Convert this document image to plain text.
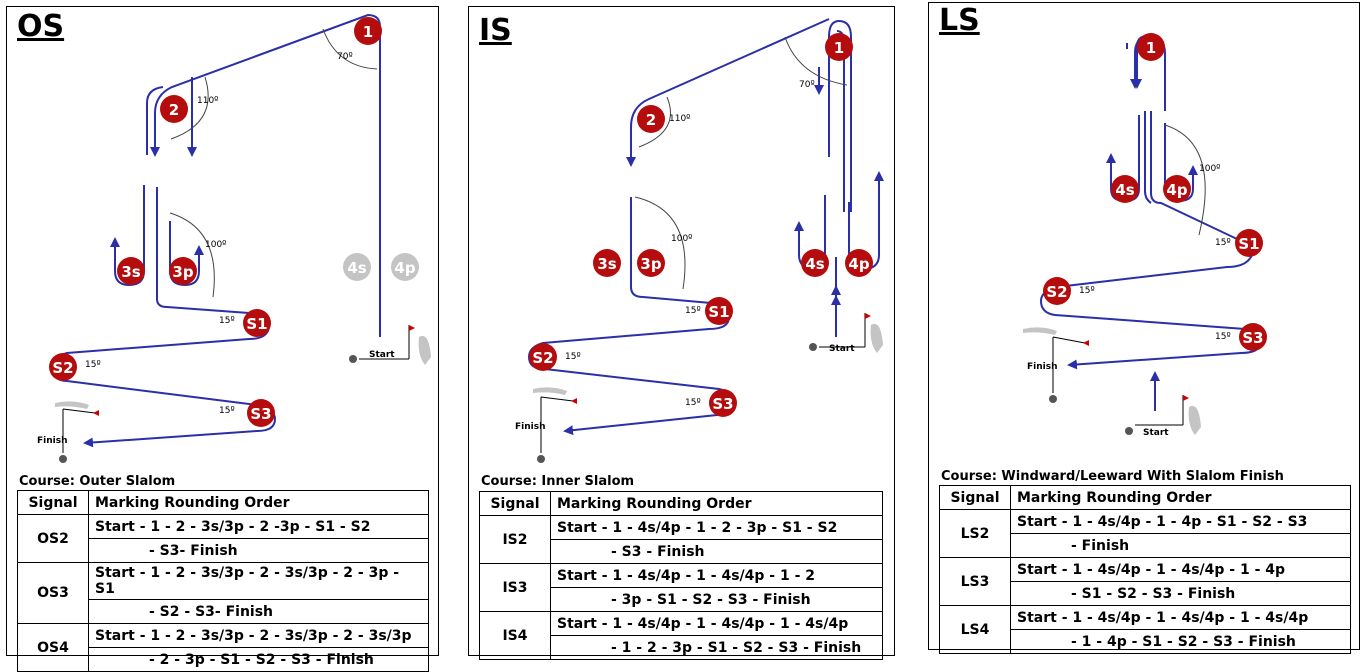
1
2
3s 3p
S1
S2
S3
4s 4p
70º
110º
100º
15º
15º
15º
Start
Finish
OS
Course: Outer Slalom
Signal	Marking Rounding Order
OS2	Start - 1 - 2 - 3s/3p - 2 -3p - S1 - S2
	- S3- Finish
OS3	Start - 1 - 2 - 3s/3p - 2 - 3s/3p - 2 - 3p - S1
	- S2 - S3- Finish
OS4	Start - 1 - 2 - 3s/3p - 2 - 3s/3p - 2 - 3s/3p
	- 2 - 3p - S1 - S2 - S3 - Finish
1
2
3s 3p	4s 4p
S1
S2
S3
70º
110º
100º
15º
15º
15º
Start
Finish
IS
Course: Inner Slalom
Signal	Marking Rounding Order
IS2	Start - 1 - 4s/4p - 1 - 2 - 3p - S1 - S2
	- S3 - Finish
IS3	Start - 1 - 4s/4p - 1 - 4s/4p - 1 - 2
	- 3p - S1 - S2 - S3 - Finish
IS4	Start - 1 - 4s/4p - 1 - 4s/4p - 1 - 4s/4p
	- 1 - 2 - 3p - S1 - S2 - S3 - Finish
1
4s 4p
S1
S2
S3
100º
15º
15º
15º
Start
Finish
LS
Course: Windward/Leeward With Slalom Finish
Signal	Marking Rounding Order
LS2	Start - 1 - 4s/4p - 1 - 4p - S1 - S2 - S3
	- Finish
LS3	Start - 1 - 4s/4p - 1 - 4s/4p - 1 - 4p
	- S1 - S2 - S3 - Finish
LS4	Start - 1 - 4s/4p - 1 - 4s/4p - 1 - 4s/4p
	- 1 - 4p - S1 - S2 - S3 - Finish
